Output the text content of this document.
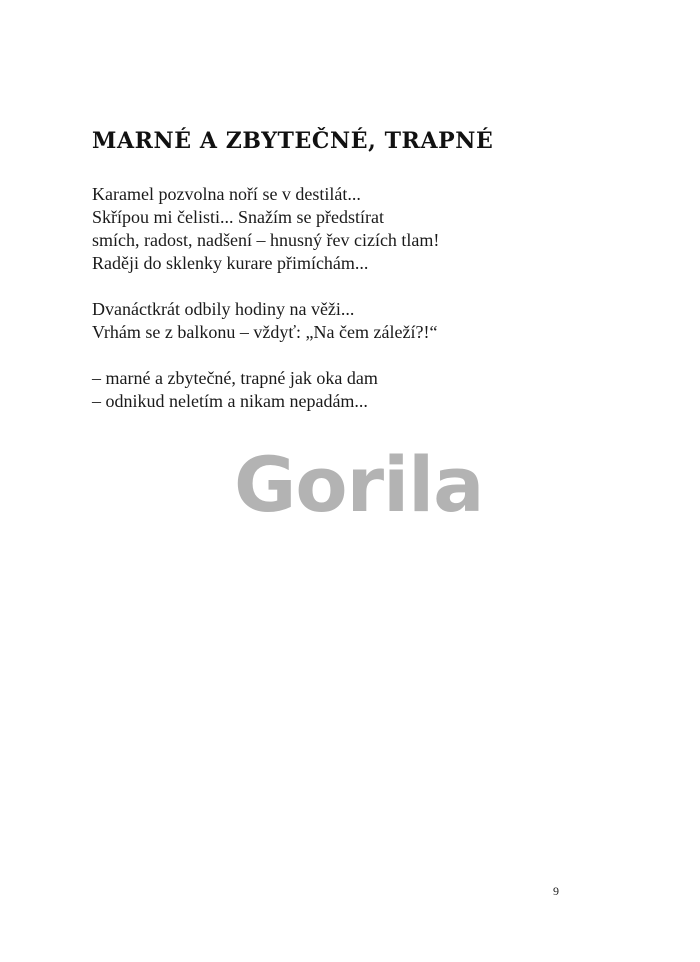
MARNÉ A ZBYTEČNÉ, TRAPNÉ

Karamel pozvolna noří se v destilát...
Skřípou mi čelisti... Snažím se předstírat
smích, radost, nadšení – hnusný řev cizích tlam!
Raději do sklenky kurare přimíchám...

Dvanáctkrát odbily hodiny na věži...
Vrhám se z balkonu – vždyť: „Na čem záleží?!“

– marné a zbytečné, trapné jak oka dam
– odnikud neletím a nikam nepadám...

Gorila
9
